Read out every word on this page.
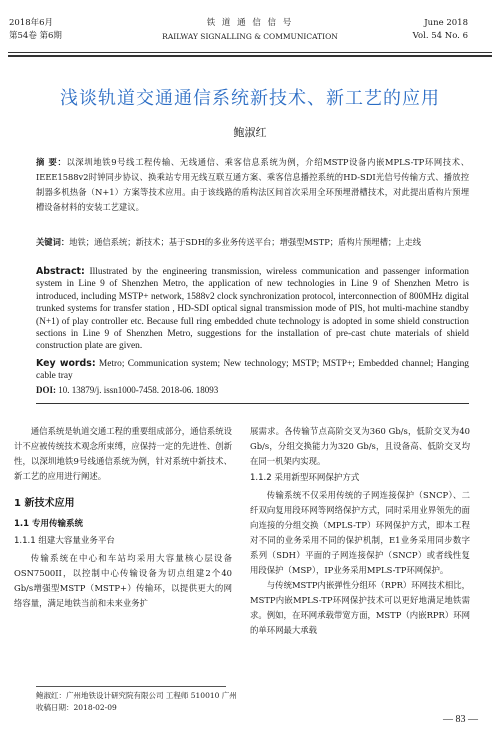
2018年6月
第54卷 第6期
铁 道 通 信 信 号
RAILWAY SIGNALLING & COMMUNICATION
June 2018
Vol. 54 No. 6
浅谈轨道交通通信系统新技术、新工艺的应用
鲍淑红
摘 要：以深圳地铁9号线工程传输、无线通信、乘客信息系统为例，介绍MSTP设备内嵌MPLS-TP环网技术、IEEE1588v2时钟同步协议、换乘站专用无线互联互通方案、乘客信息播控系统的HD-SDI光信号传输方式、播放控制器多机热备（N+1）方案等技术应用。由于该线路的盾构法区间首次采用全环预埋滑槽技术，对此提出盾构片预埋槽设备材料的安装工艺建议。
关键词：地铁；通信系统；新技术；基于SDH的多业务传送平台；增强型MSTP；盾构片预埋槽；上走线
Abstract: Illustrated by the engineering transmission, wireless communication and passenger information system in Line 9 of Shenzhen Metro, the application of new technologies in Line 9 of Shenzhen Metro is introduced, including MSTP+ network, 1588v2 clock synchronization protocol, interconnection of 800MHz digital trunked systems for transfer station , HD-SDI optical signal transmission mode of PIS, hot multi-machine standby (N+1) of play controller etc. Because full ring embedded chute technology is adopted in some shield construction sections in Line 9 of Shenzhen Metro, suggestions for the installation of pre-cast chute materials of shield construction plate are given.
Key words: Metro; Communication system; New technology; MSTP; MSTP+; Embedded channel; Hanging cable tray
DOI: 10. 13879/j. issn1000-7458. 2018-06. 18093

通信系统是轨道交通工程的重要组成部分，通信系统设计不应被传统技术观念所束缚，应保持一定的先进性、创新性，以深圳地铁9号线通信系统为例，针对系统中新技术、新工艺的应用进行阐述。

1 新技术应用
1.1 专用传输系统
1.1.1 组建大容量业务平台

传输系统在中心和车站均采用大容量核心层设备OSN7500II，以控制中心传输设备为切点组建2个40 Gb/s增强型MSTP（MSTP+）传输环，以提供更大的网络容量，满足地铁当前和未来业务扩

展需求。各传输节点高阶交叉为360 Gb/s，低阶交叉为40 Gb/s，分组交换能力为320 Gb/s，且设备高、低阶交叉均在同一机架内实现。

1.1.2 采用新型环网保护方式

传输系统不仅采用传统的子网连接保护（SNCP）、二纤双向复用段环网等网络保护方式，同时采用业界领先的面向连接的分组交换（MPLS-TP）环网保护方式，即本工程对不同的业务采用不同的保护机制，E1业务采用同步数字系列（SDH）平面的子网连接保护（SNCP）或者线性复用段保护（MSP），IP业务采用MPLS-TP环网保护。

与传统MSTP内嵌弹性分组环（RPR）环网技术相比，MSTP内嵌MPLS-TP环网保护技术可以更好地满足地铁需求。例如，在环网承载带宽方面，MSTP（内嵌RPR）环网的单环网最大承载

鲍淑红：广州地铁设计研究院有限公司 工程师 510010 广州
收稿日期：2018-02-09
— 83 —
